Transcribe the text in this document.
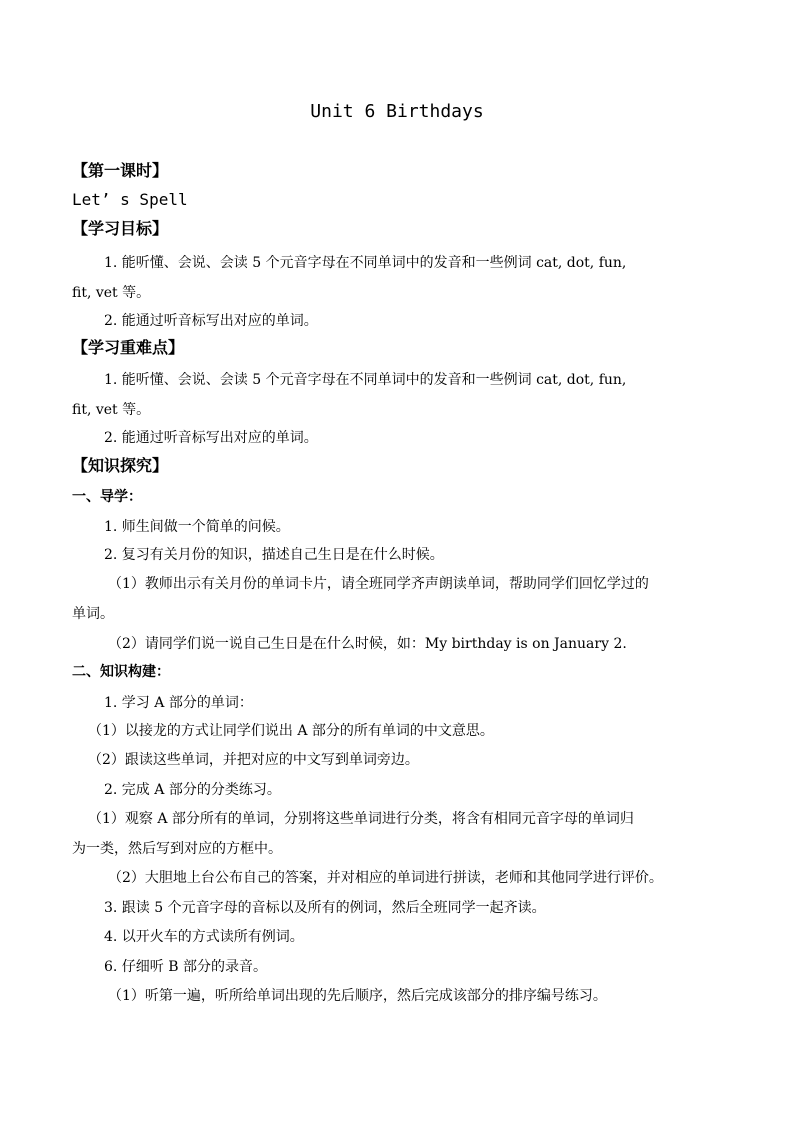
Unit 6 Birthdays
【第一课时】
Let’ s Spell
【学习目标】
1. 能听懂、会说、会读 5 个元音字母在不同单词中的发音和一些例词 cat, dot, fun,
fit, vet 等。
2. 能通过听音标写出对应的单词。
【学习重难点】
1. 能听懂、会说、会读 5 个元音字母在不同单词中的发音和一些例词 cat, dot, fun,
fit, vet 等。
2. 能通过听音标写出对应的单词。
【知识探究】
一、导学：
1. 师生间做一个简单的问候。
2. 复习有关月份的知识，描述自己生日是在什么时候。
（1）教师出示有关月份的单词卡片，请全班同学齐声朗读单词，帮助同学们回忆学过的
单词。
（2）请同学们说一说自己生日是在什么时候，如：My birthday is on January 2.
二、知识构建：
1. 学习 A 部分的单词：
（1）以接龙的方式让同学们说出 A 部分的所有单词的中文意思。
（2）跟读这些单词，并把对应的中文写到单词旁边。
2. 完成 A 部分的分类练习。
（1）观察 A 部分所有的单词，分别将这些单词进行分类，将含有相同元音字母的单词归
为一类，然后写到对应的方框中。
（2）大胆地上台公布自己的答案，并对相应的单词进行拼读，老师和其他同学进行评价。
3. 跟读 5 个元音字母的音标以及所有的例词，然后全班同学一起齐读。
4. 以开火车的方式读所有例词。
6. 仔细听 B 部分的录音。
（1）听第一遍，听所给单词出现的先后顺序，然后完成该部分的排序编号练习。
